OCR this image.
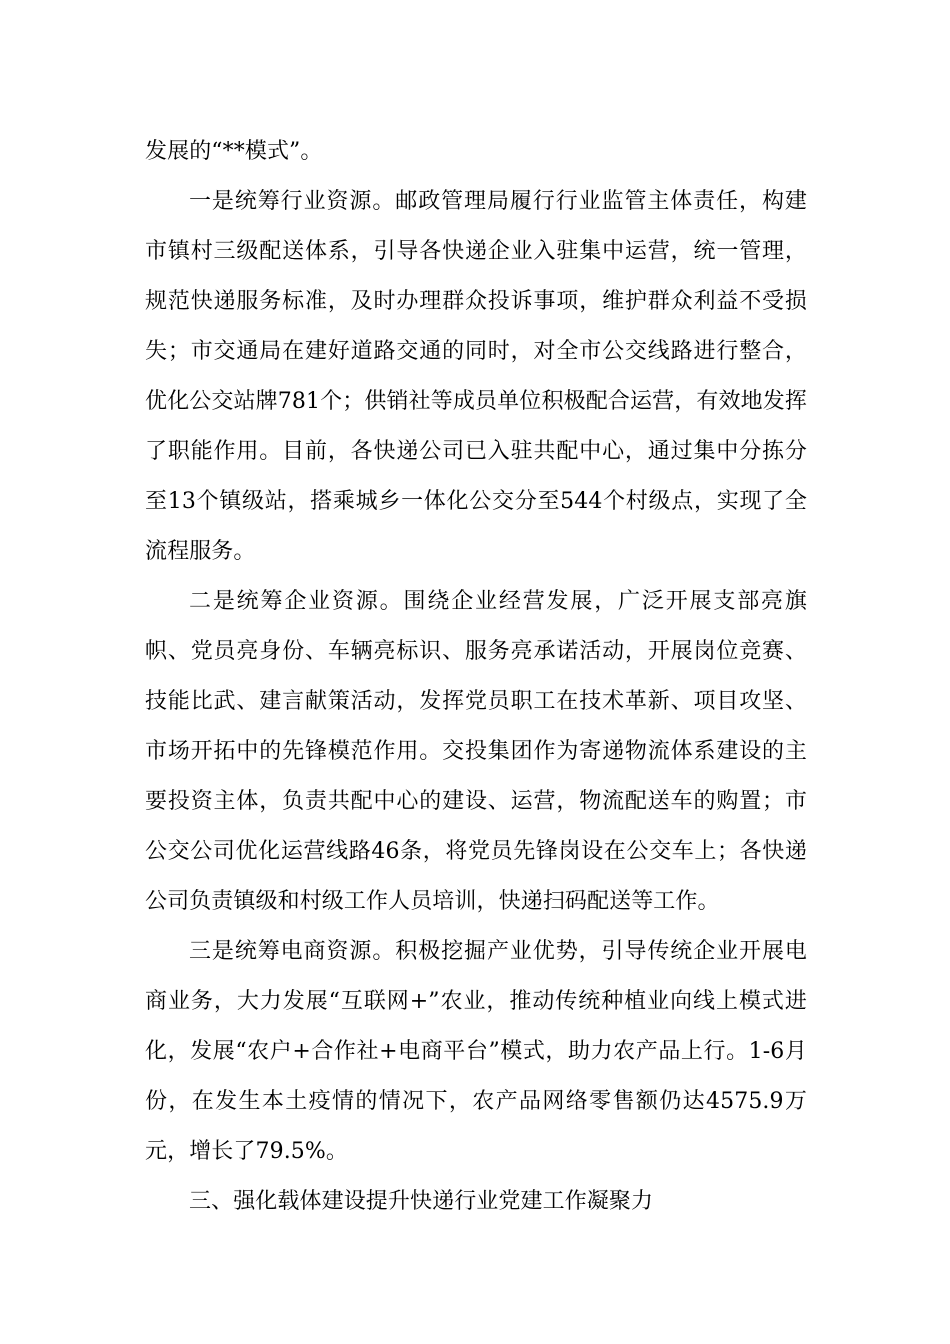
发展的“**模式”。

一是统筹行业资源。邮政管理局履行行业监管主体责任，构建市镇村三级配送体系，引导各快递企业入驻集中运营，统一管理，规范快递服务标准，及时办理群众投诉事项，维护群众利益不受损失；市交通局在建好道路交通的同时，对全市公交线路进行整合，优化公交站牌781个；供销社等成员单位积极配合运营，有效地发挥了职能作用。目前，各快递公司已入驻共配中心，通过集中分拣分至13个镇级站，搭乘城乡一体化公交分至544个村级点，实现了全流程服务。

二是统筹企业资源。围绕企业经营发展，广泛开展支部亮旗帜、党员亮身份、车辆亮标识、服务亮承诺活动，开展岗位竞赛、技能比武、建言献策活动，发挥党员职工在技术革新、项目攻坚、市场开拓中的先锋模范作用。交投集团作为寄递物流体系建设的主要投资主体，负责共配中心的建设、运营，物流配送车的购置；市公交公司优化运营线路46条，将党员先锋岗设在公交车上；各快递公司负责镇级和村级工作人员培训，快递扫码配送等工作。

三是统筹电商资源。积极挖掘产业优势，引导传统企业开展电商业务，大力发展“互联网+”农业，推动传统种植业向线上模式进化，发展“农户+合作社+电商平台”模式，助力农产品上行。1-6月份，在发生本土疫情的情况下，农产品网络零售额仍达4575.9万元，增长了79.5%。

三、强化载体建设提升快递行业党建工作凝聚力
